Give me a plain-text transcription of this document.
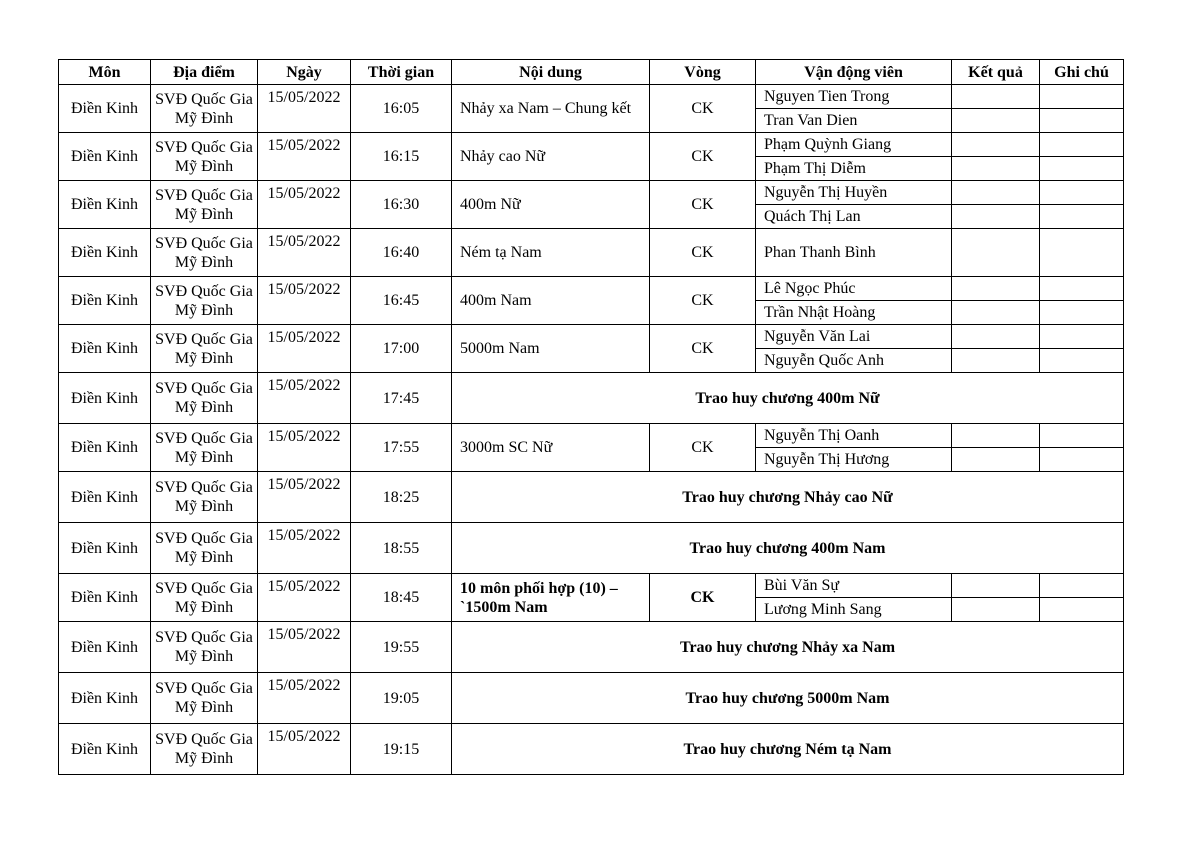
Môn	Địa điểm	Ngày	Thời gian	Nội dung	Vòng	Vận động viên	Kết quả	Ghi chú
Điền Kinh	SVĐ Quốc Gia Mỹ Đình	15/05/2022	16:05	Nhảy xa Nam – Chung kết	CK	Nguyen Tien Trong		
						Tran Van Dien		
Điền Kinh	SVĐ Quốc Gia Mỹ Đình	15/05/2022	16:15	Nhảy cao Nữ	CK	Phạm Quỳnh Giang		
						Phạm Thị Diễm		
Điền Kinh	SVĐ Quốc Gia Mỹ Đình	15/05/2022	16:30	400m Nữ	CK	Nguyễn Thị Huyền		
						Quách Thị Lan		
Điền Kinh	SVĐ Quốc Gia Mỹ Đình	15/05/2022	16:40	Ném tạ Nam	CK	Phan Thanh Bình		
Điền Kinh	SVĐ Quốc Gia Mỹ Đình	15/05/2022	16:45	400m Nam	CK	Lê Ngọc Phúc		
						Trần Nhật Hoàng		
Điền Kinh	SVĐ Quốc Gia Mỹ Đình	15/05/2022	17:00	5000m Nam	CK	Nguyễn Văn Lai		
						Nguyễn Quốc Anh		
Điền Kinh	SVĐ Quốc Gia Mỹ Đình	15/05/2022	17:45	Trao huy chương 400m Nữ				
Điền Kinh	SVĐ Quốc Gia Mỹ Đình	15/05/2022	17:55	3000m SC Nữ	CK	Nguyễn Thị Oanh		
						Nguyễn Thị Hương		
Điền Kinh	SVĐ Quốc Gia Mỹ Đình	15/05/2022	18:25	Trao huy chương Nhảy cao Nữ				
Điền Kinh	SVĐ Quốc Gia Mỹ Đình	15/05/2022	18:55	Trao huy chương 400m Nam				
Điền Kinh	SVĐ Quốc Gia Mỹ Đình	15/05/2022	18:45	10 môn phối hợp (10) – `1500m Nam	CK	Bùi Văn Sự		
						Lương Minh Sang		
Điền Kinh	SVĐ Quốc Gia Mỹ Đình	15/05/2022	19:55	Trao huy chương Nhảy xa Nam				
Điền Kinh	SVĐ Quốc Gia Mỹ Đình	15/05/2022	19:05	Trao huy chương 5000m Nam				
Điền Kinh	SVĐ Quốc Gia Mỹ Đình	15/05/2022	19:15	Trao huy chương Ném tạ Nam				
